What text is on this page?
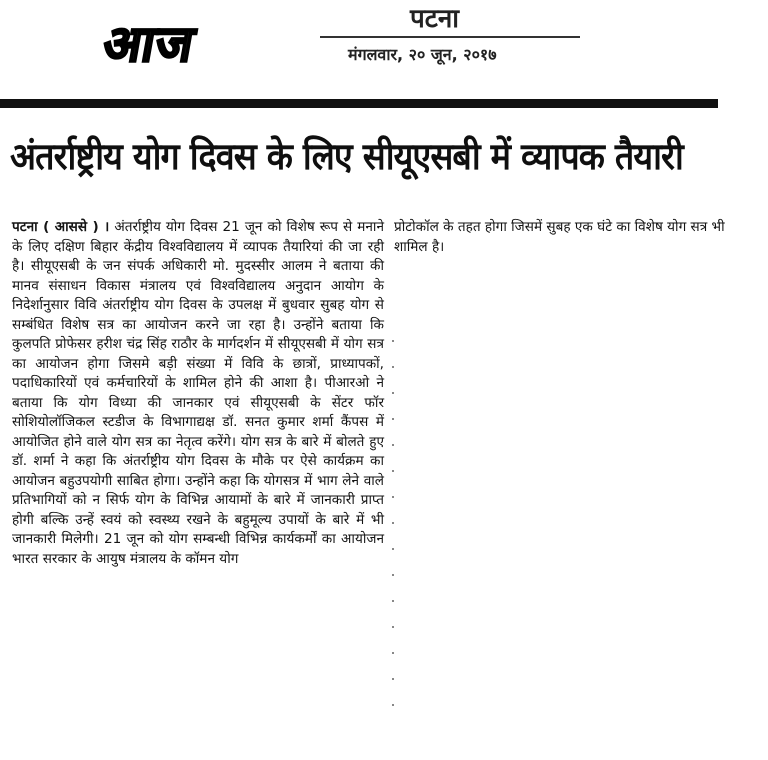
आज	पटना
मंगलवार, २० जून, २०१७
अंतर्राष्ट्रीय योग दिवस के लिए सीयूएसबी में व्यापक तैयारी
पटना ( आससे ) । अंतर्राष्ट्रीय योग दिवस 21 जून को विशेष रूप से मनाने के लिए दक्षिण बिहार केंद्रीय विश्वविद्यालय में व्यापक तैयारियां की जा रही है। सीयूएसबी के जन संपर्क अधिकारी मो. मुदस्सीर आलम ने बताया की मानव संसाधन विकास मंत्रालय एवं विश्वविद्यालय अनुदान आयोग के निदेर्शानुसार विवि अंतर्राष्ट्रीय योग दिवस के उपलक्ष में बुधवार सुबह योग से सम्बंधित विशेष सत्र का आयोजन करने जा रहा है। उन्होंने बताया कि कुलपति प्रोफेसर हरीश चंद्र सिंह राठौर के मार्गदर्शन में सीयूएसबी में योग सत्र का आयोजन होगा जिसमे बड़ी संख्या में विवि के छात्रों, प्राध्यापकों, पदाधिकारियों एवं कर्मचारियों के शामिल होने की आशा है। पीआरओ ने बताया कि योग विध्या की जानकार एवं सीयूएसबी के सेंटर फॉर सोशियोलॉजिकल स्टडीज के विभागाद्यक्ष डॉ. सनत कुमार शर्मा कैंपस में आयोजित होने वाले योग सत्र का नेतृत्व करेंगे। योग सत्र के बारे में बोलते हुए डॉ. शर्मा ने कहा कि अंतर्राष्ट्रीय योग दिवस के मौके पर ऐसे कार्यक्रम का आयोजन बहुउपयोगी साबित होगा। उन्होंने कहा कि योगसत्र में भाग लेने वाले प्रतिभागियों को न सिर्फ योग के विभिन्न आयामों के बारे में जानकारी प्राप्त होगी बल्कि उन्हें स्वयं को स्वस्थ्य रखने के बहुमूल्य उपायों के बारे में भी जानकारी मिलेगी। 21 जून को योग सम्बन्धी विभिन्न कार्यकर्मों का आयोजन भारत सरकार के आयुष मंत्रालय के कॉमन योग
प्रोटोकॉल के तहत होगा जिसमें सुबह एक घंटे का विशेष योग सत्र भी शामिल है।
